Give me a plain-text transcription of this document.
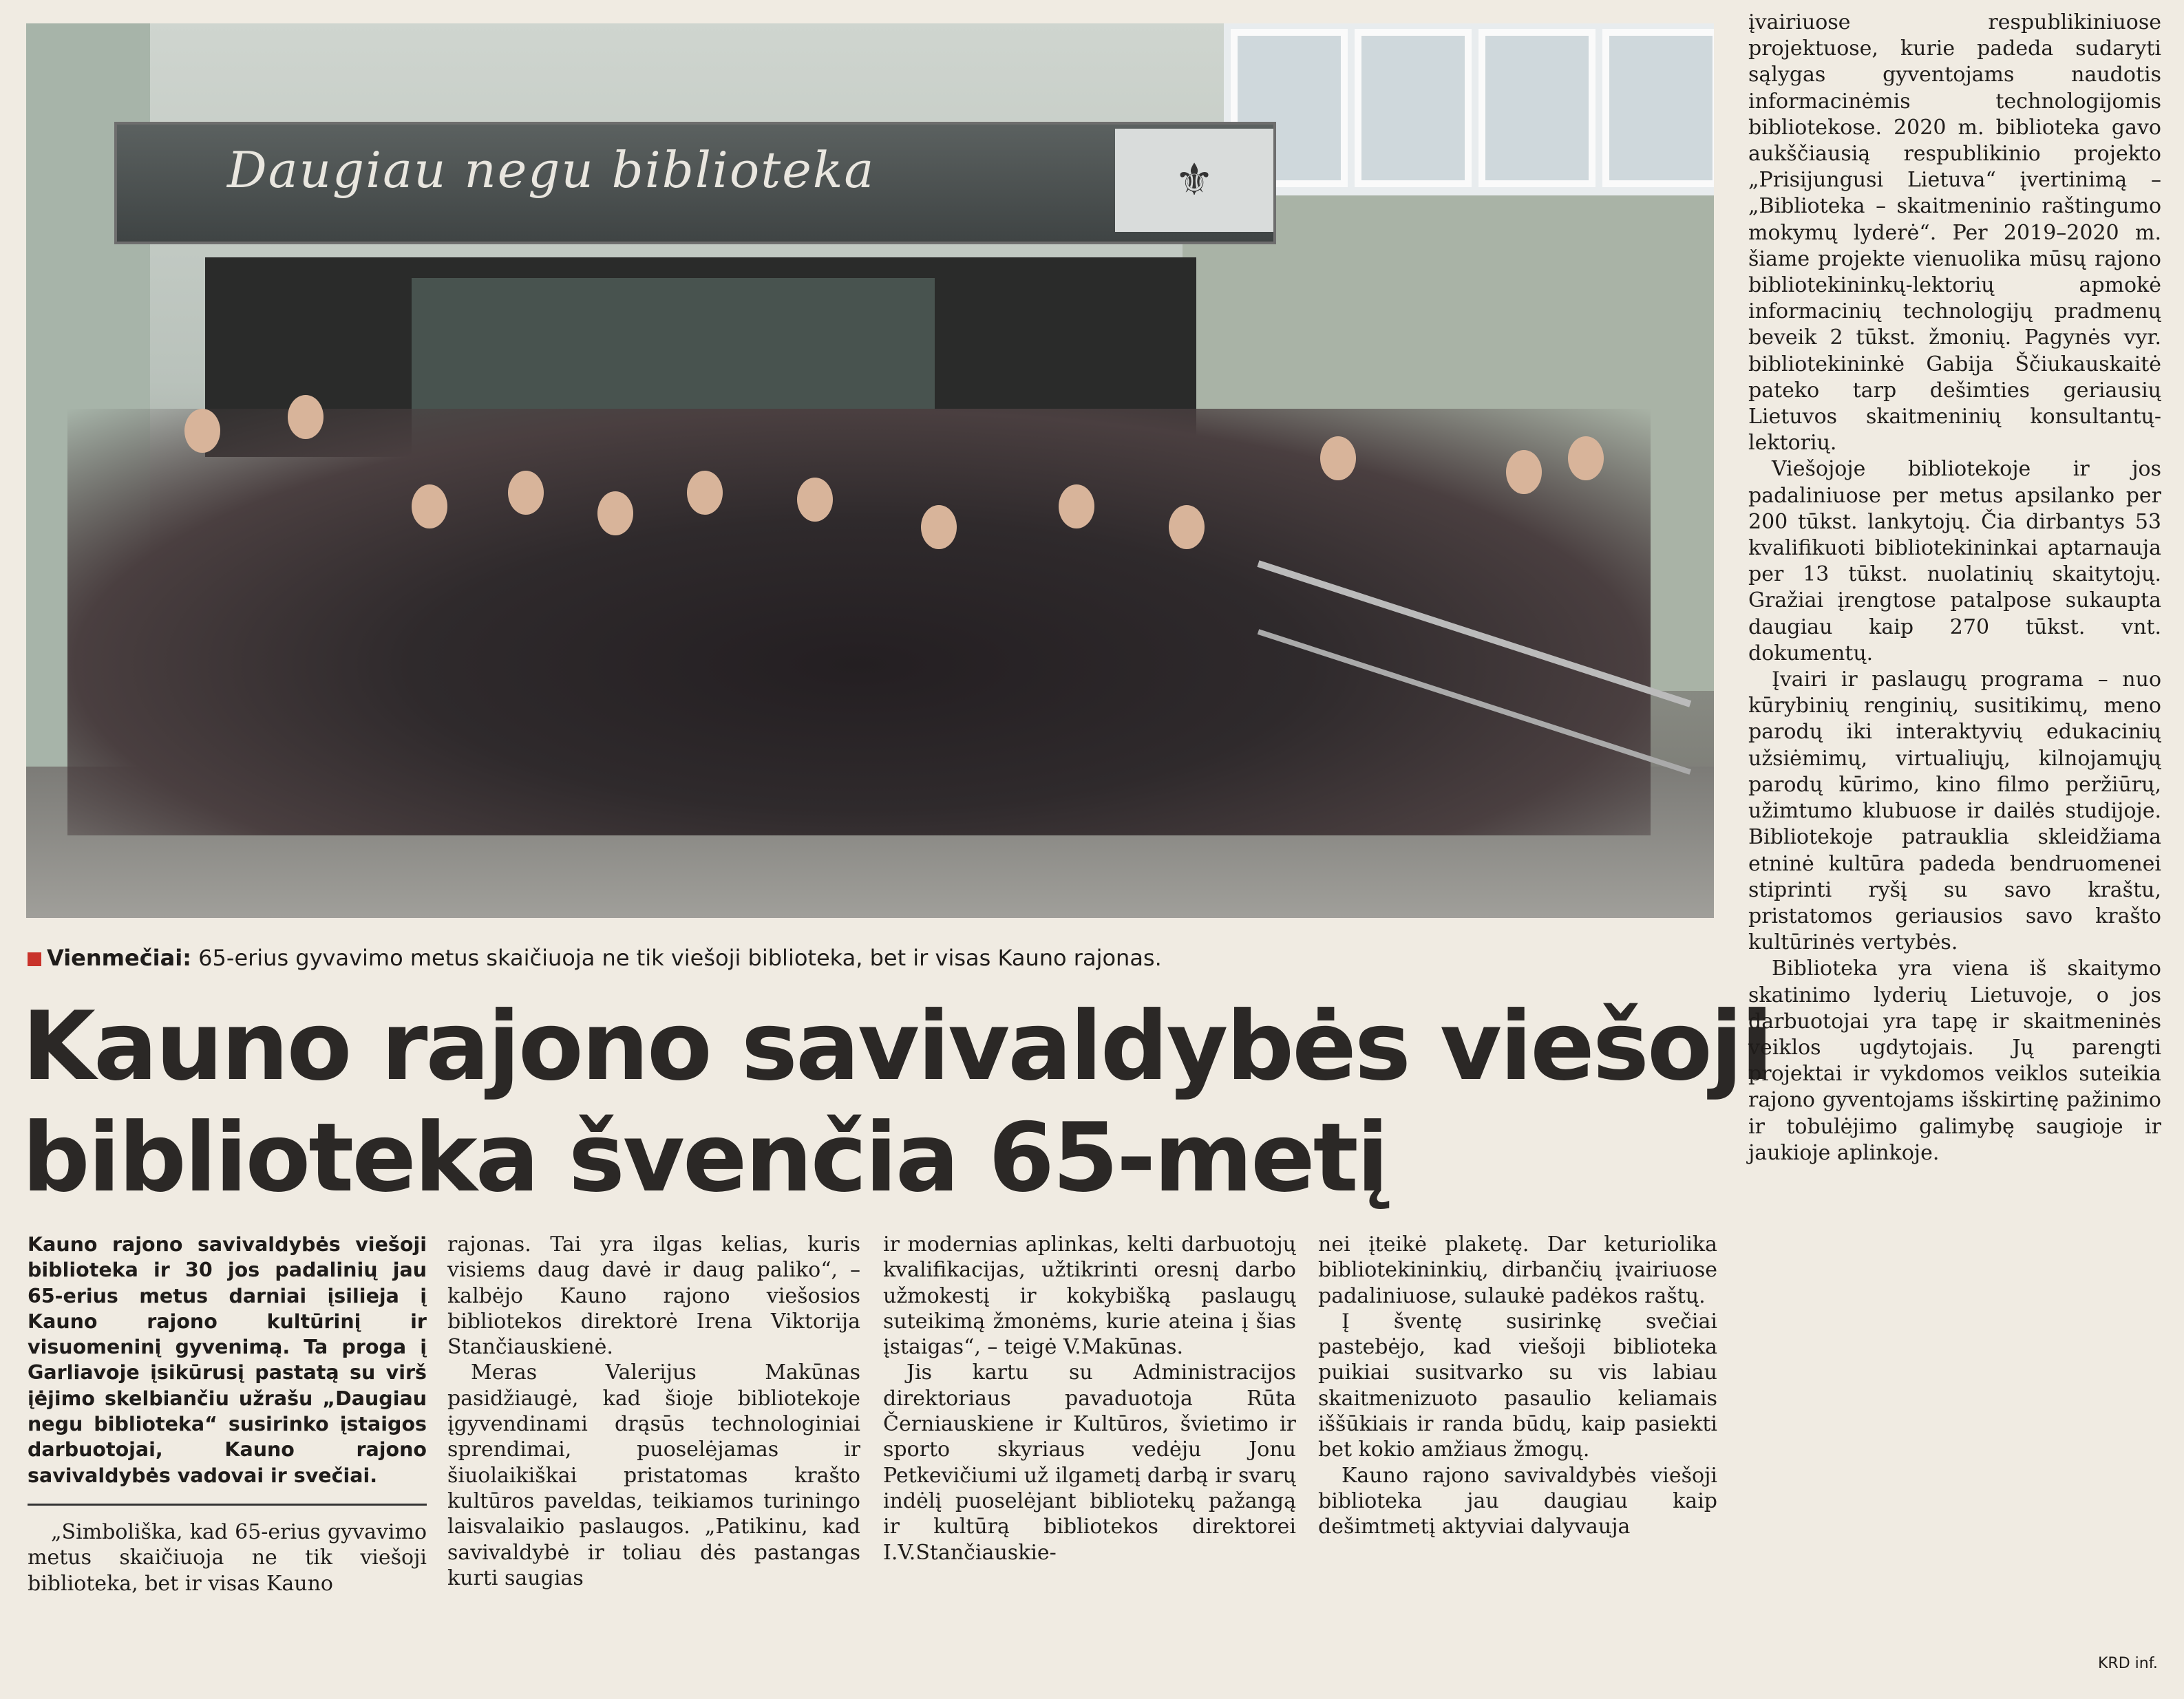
Daugiau negu biblioteka	⚜
Vienmečiai: 65-erius gyvavimo metus skaičiuoja ne tik viešoji biblioteka, bet ir visas Kauno rajonas.
Kauno rajono savivaldybės viešoji
biblioteka švenčia 65-metį

Kauno rajono savivaldybės viešoji biblioteka ir 30 jos padalinių jau 65-erius metus darniai įsilieja į Kauno rajono kultūrinį ir visuomeninį gyvenimą. Ta proga į Garliavoje įsikūrusį pastatą su virš įėjimo skelbiančiu užrašu „Daugiau negu biblioteka“ susirinko įstaigos darbuotojai, Kauno rajono savivaldybės vadovai ir svečiai.

„Simboliška, kad 65-erius gyvavimo metus skaičiuoja ne tik viešoji biblioteka, bet ir visas Kauno

rajonas. Tai yra ilgas kelias, kuris visiems daug davė ir daug paliko“, – kalbėjo Kauno rajono viešosios bibliotekos direktorė Irena Viktorija Stančiauskienė.

Meras Valerijus Makūnas pasidžiaugė, kad šioje bibliotekoje įgyvendinami drąsūs technologiniai sprendimai, puoselėjamas ir šiuolaikiškai pristatomas krašto kultūros paveldas, teikiamos turiningo laisvalaikio paslaugos. „Patikinu, kad savivaldybė ir toliau dės pastangas kurti saugias

ir modernias aplinkas, kelti darbuotojų kvalifikacijas, užtikrinti oresnį darbo užmokestį ir kokybišką paslaugų suteikimą žmonėms, kurie ateina į šias įstaigas“, – teigė V.Makūnas.

Jis kartu su Administracijos direktoriaus pavaduotoja Rūta Černiauskiene ir Kultūros, švietimo ir sporto skyriaus vedėju Jonu Petkevičiumi už ilgametį darbą ir svarų indėlį puoselėjant bibliotekų pažangą ir kultūrą bibliotekos direktorei I.V.Stančiauskie-

nei įteikė plaketę. Dar keturiolika bibliotekininkių, dirbančių įvairiuose padaliniuose, sulaukė padėkos raštų.

Į šventę susirinkę svečiai pastebėjo, kad viešoji biblioteka puikiai susitvarko su vis labiau skaitmenizuoto pasaulio keliamais iššūkiais ir randa būdų, kaip pasiekti bet kokio amžiaus žmogų.

Kauno rajono savivaldybės viešoji biblioteka jau daugiau kaip dešimtmetį aktyviai dalyvauja

įvairiuose respublikiniuose projektuose, kurie padeda sudaryti sąlygas gyventojams naudotis informacinėmis technologijomis bibliotekose. 2020 m. biblioteka gavo aukščiausią respublikinio projekto „Prisijungusi Lietuva“ įvertinimą – „Biblioteka – skaitmeninio raštingumo mokymų lyderė“. Per 2019–2020 m. šiame projekte vienuolika mūsų rajono bibliotekininkų-lektorių apmokė informacinių technologijų pradmenų beveik 2 tūkst. žmonių. Pagynės vyr. bibliotekininkė Gabija Ščiukauskaitė pateko tarp dešimties geriausių Lietuvos skaitmeninių konsultantų-lektorių.

Viešojoje bibliotekoje ir jos padaliniuose per metus apsilanko per 200 tūkst. lankytojų. Čia dirbantys 53 kvalifikuoti bibliotekininkai aptarnauja per 13 tūkst. nuolatinių skaitytojų. Gražiai įrengtose patalpose sukaupta daugiau kaip 270 tūkst. vnt. dokumentų.

Įvairi ir paslaugų programa – nuo kūrybinių renginių, susitikimų, meno parodų iki interaktyvių edukacinių užsiėmimų, virtualiųjų, kilnojamųjų parodų kūrimo, kino filmo peržiūrų, užimtumo klubuose ir dailės studijoje. Bibliotekoje patrauklia skleidžiama etninė kultūra padeda bendruomenei stiprinti ryšį su savo kraštu, pristatomos geriausios savo krašto kultūrinės vertybės.

Biblioteka yra viena iš skaitymo skatinimo lyderių Lietuvoje, o jos darbuotojai yra tapę ir skaitmeninės veiklos ugdytojais. Jų parengti projektai ir vykdomos veiklos suteikia rajono gyventojams išskirtinę pažinimo ir tobulėjimo galimybę saugioje ir jaukioje aplinkoje.

KRD inf.
